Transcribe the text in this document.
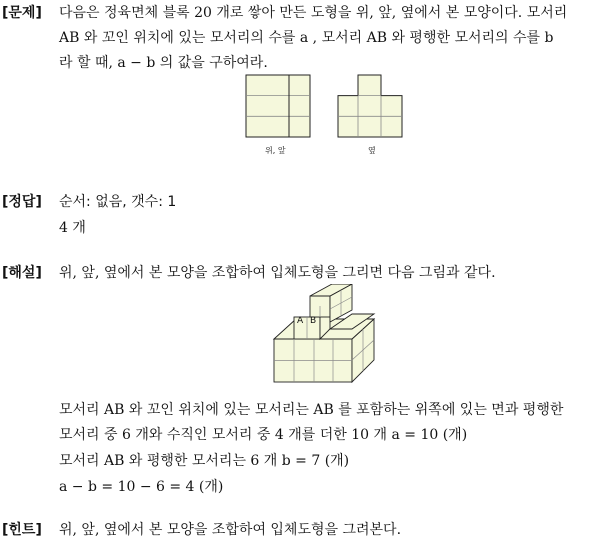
[문제] 다음은 정육면체 블록 20 개로 쌓아 만든 도형을 위, 앞, 옆에서 본 모양이다. 모서리
AB 와 꼬인 위치에 있는 모서리의 수를 a , 모서리 AB 와 평행한 모서리의 수를 b
라 할 때, a − b 의 값을 구하여라.
위, 앞	옆
[정답] 순서: 없음, 갯수: 1
4 개
[해설] 위, 앞, 옆에서 본 모양을 조합하여 입체도형을 그리면 다음 그림과 같다.
A B
모서리 AB 와 꼬인 위치에 있는 모서리는 AB 를 포함하는 위쪽에 있는 면과 평행한
모서리 중 6 개와 수직인 모서리 중 4 개를 더한 10 개 a = 10 (개)
모서리 AB 와 평행한 모서리는 6 개 b = 7 (개)
a − b = 10 − 6 = 4 (개)
[힌트] 위, 앞, 옆에서 본 모양을 조합하여 입체도형을 그려본다.
